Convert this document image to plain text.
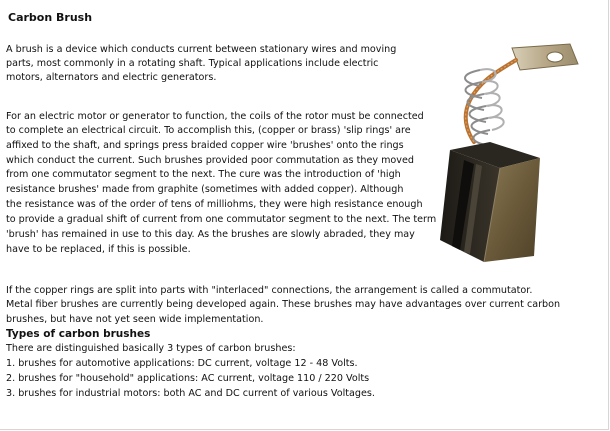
Carbon Brush
A brush is a device which conducts current between stationary wires and moving
parts, most commonly in a rotating shaft. Typical applications include electric
motors, alternators and electric generators.
For an electric motor or generator to function, the coils of the rotor must be connected
to complete an electrical circuit. To accomplish this, (copper or brass) 'slip rings' are
affixed to the shaft, and springs press braided copper wire 'brushes' onto the rings
which conduct the current. Such brushes provided poor commutation as they moved
from one commutator segment to the next. The cure was the introduction of 'high
resistance brushes' made from graphite (sometimes with added copper). Although
the resistance was of the order of tens of milliohms, they were high resistance enough
to provide a gradual shift of current from one commutator segment to the next. The term
'brush' has remained in use to this day. As the brushes are slowly abraded, they may
have to be replaced, if this is possible.
If the copper rings are split into parts with "interlaced" connections, the arrangement is called a commutator.
Metal fiber brushes are currently being developed again. These brushes may have advantages over current carbon
brushes, but have not yet seen wide implementation.
Types of carbon brushes
There are distinguished basically 3 types of carbon brushes:
1. brushes for automotive applications: DC current, voltage 12 - 48 Volts.
2. brushes for "household" applications: AC current, voltage 110 / 220 Volts
3. brushes for industrial motors: both AC and DC current of various Voltages.
